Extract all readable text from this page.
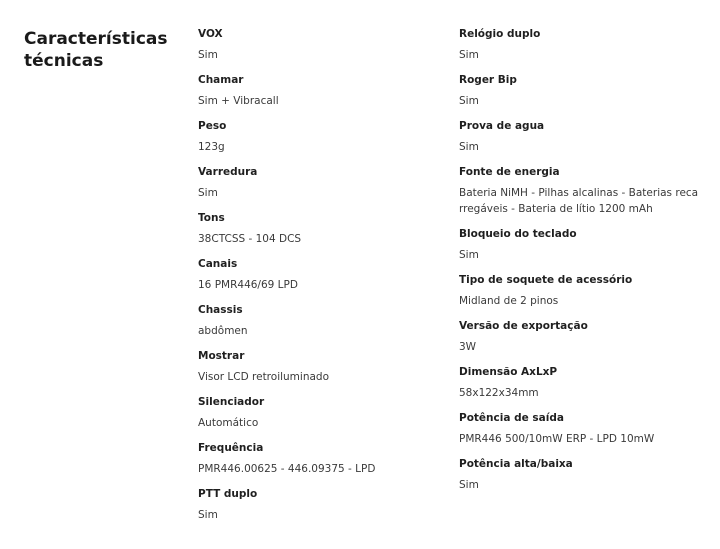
Características
técnicas
VOX
Sim
Chamar
Sim + Vibracall
Peso
123g
Varredura
Sim
Tons
38CTCSS - 104 DCS
Canais
16 PMR446/69 LPD
Chassis
abdômen
Mostrar
Visor LCD retroiluminado
Silenciador
Automático
Frequência
PMR446.00625 - 446.09375 - LPD
PTT duplo
Sim
Relógio duplo
Sim
Roger Bip
Sim
Prova de agua
Sim
Fonte de energia
Bateria NiMH - Pilhas alcalinas - Baterias reca
rregáveis - Bateria de lítio 1200 mAh
Bloqueio do teclado
Sim
Tipo de soquete de acessório
Midland de 2 pinos
Versão de exportação
3W
Dimensão AxLxP
58x122x34mm
Potência de saída
PMR446 500/10mW ERP - LPD 10mW
Potência alta/baixa
Sim
